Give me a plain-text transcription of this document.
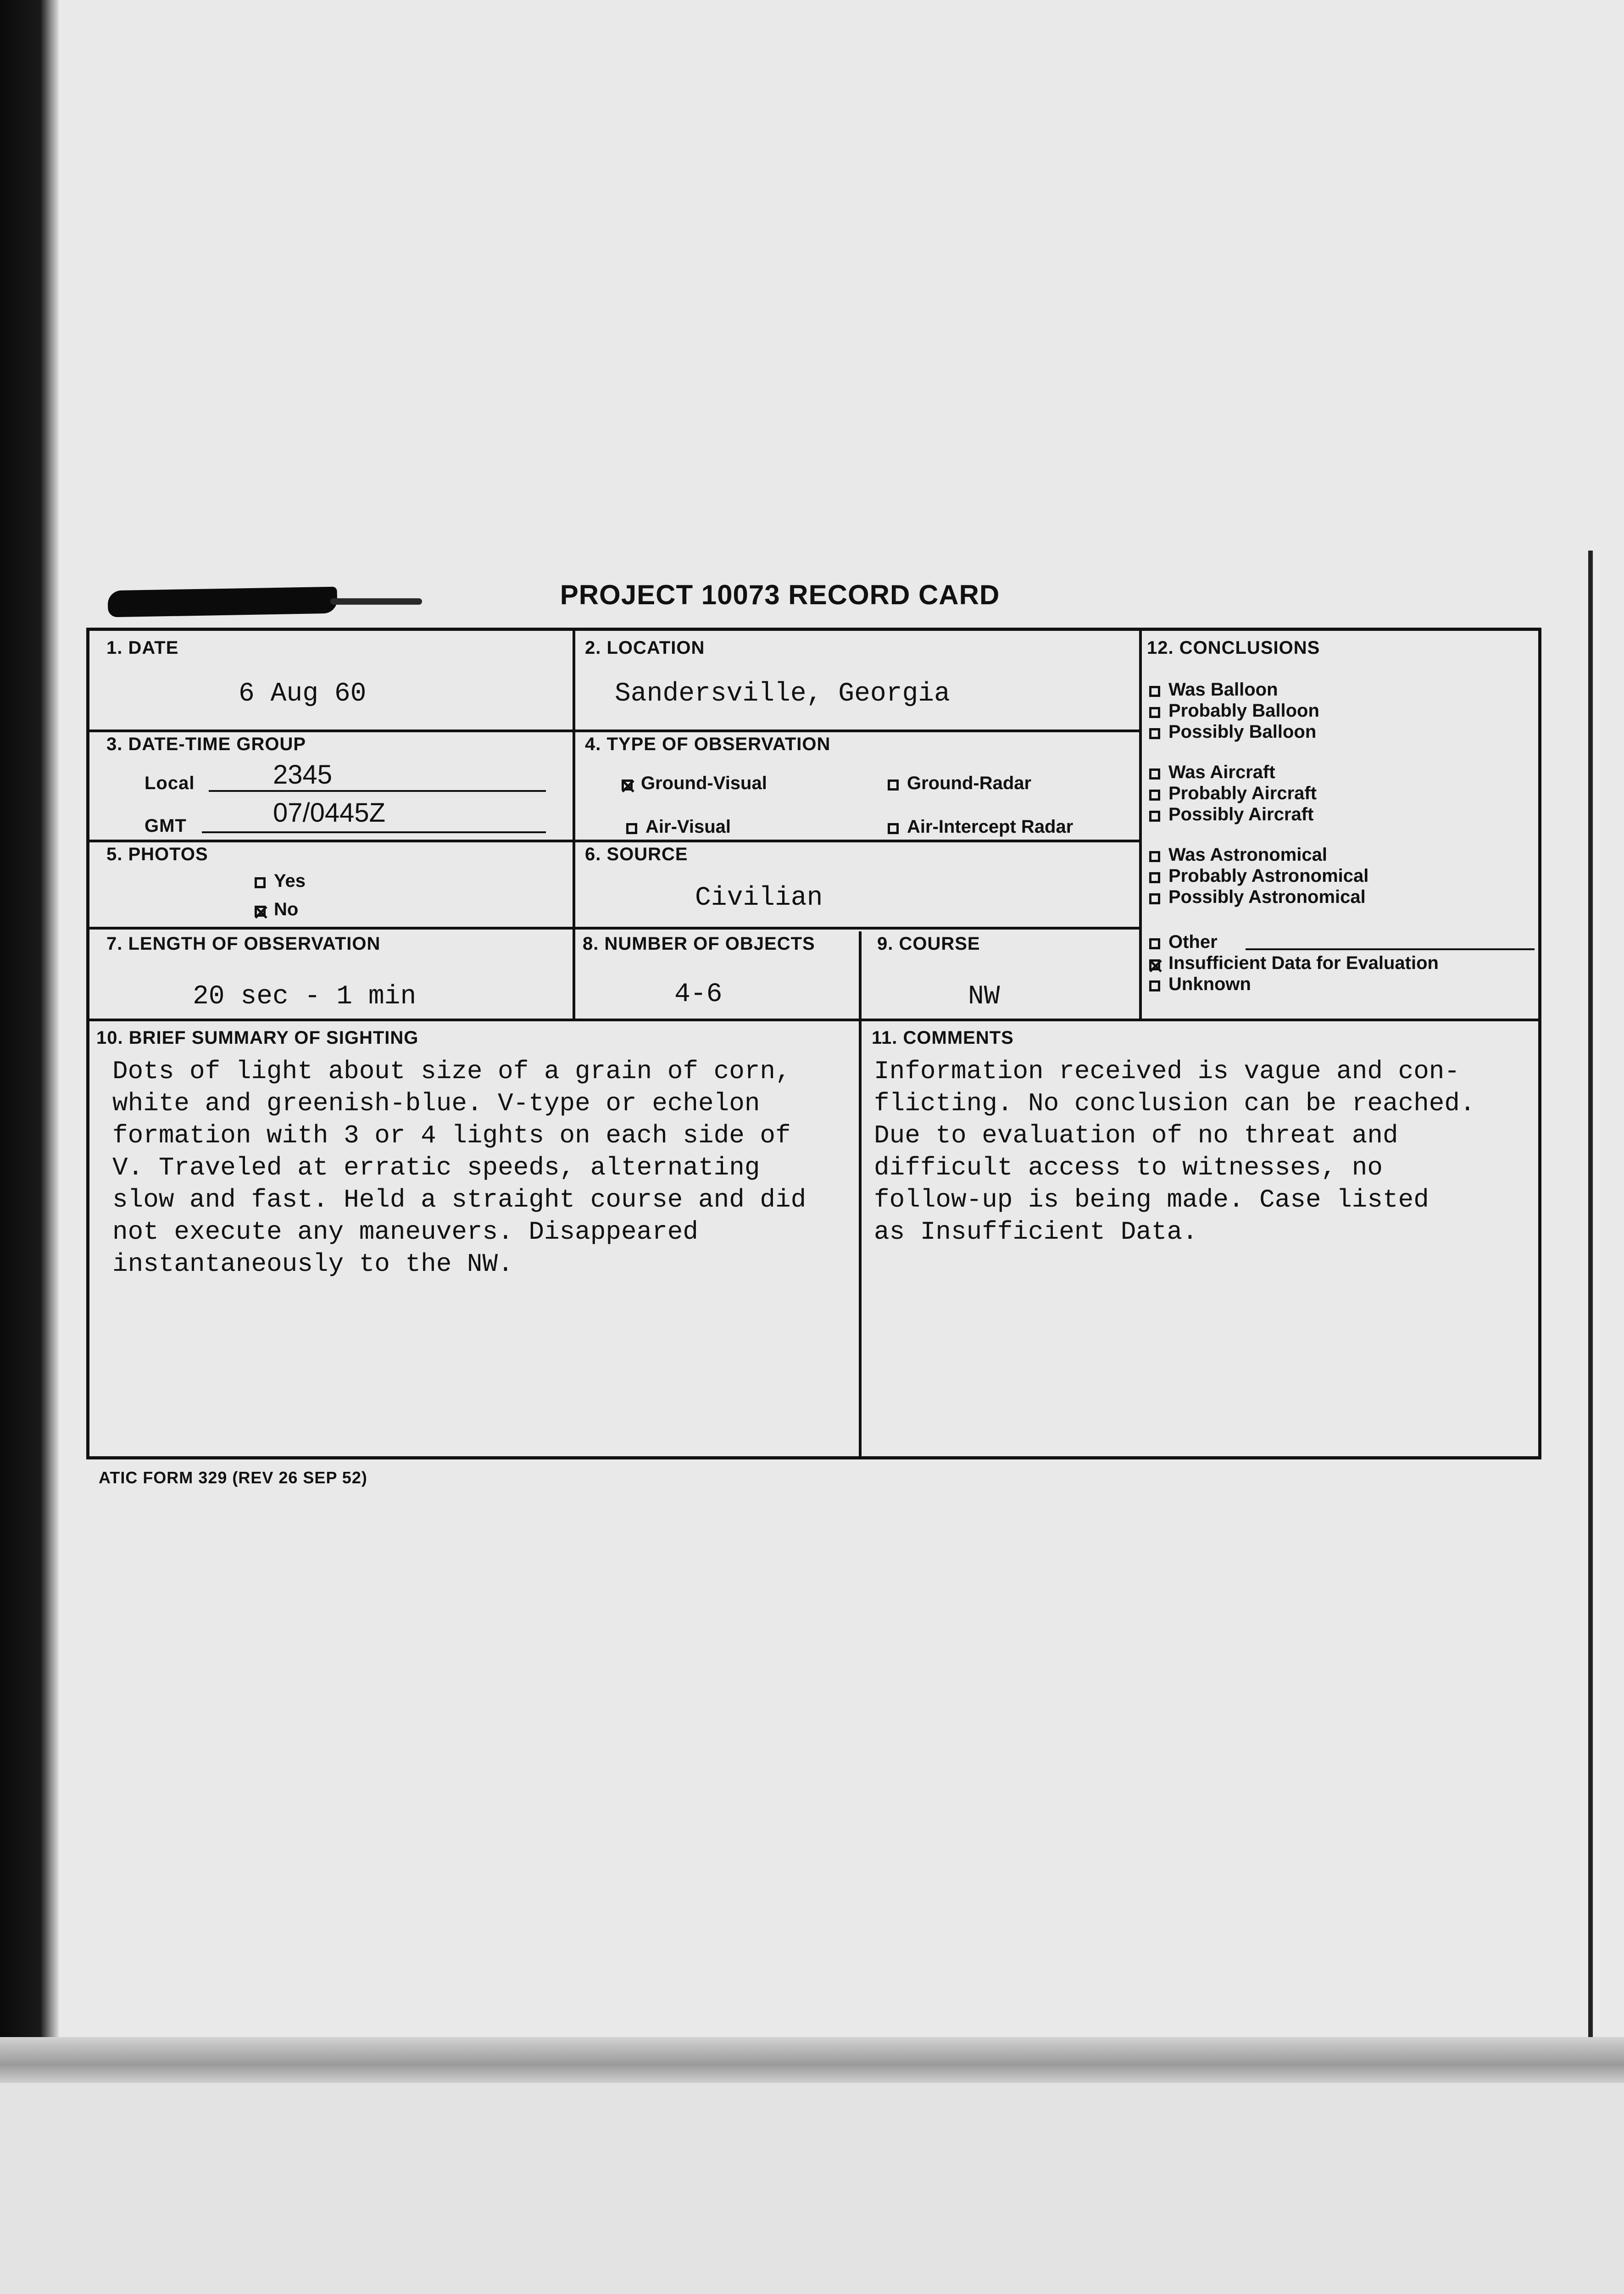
PROJECT 10073 RECORD CARD
1. DATE
6 Aug 60
2. LOCATION
Sandersville, Georgia
3. DATE-TIME GROUP
Local	2345
GMT	07/0445Z
4. TYPE OF OBSERVATION
Ground-Visual	Ground-Radar
Air-Visual	Air-Intercept Radar
5. PHOTOS
Yes
No
6. SOURCE
Civilian
7. LENGTH OF OBSERVATION
20 sec - 1 min
8. NUMBER OF OBJECTS
4-6
9. COURSE
NW
10. BRIEF SUMMARY OF SIGHTING
Dots of light about size of a grain of corn,
white and greenish-blue. V-type or echelon
formation with 3 or 4 lights on each side of
V. Traveled at erratic speeds, alternating
slow and fast. Held a straight course and did
not execute any maneuvers. Disappeared
instantaneously to the NW.
11. COMMENTS
Information received is vague and con-
flicting. No conclusion can be reached.
Due to evaluation of no threat and
difficult access to witnesses, no
follow-up is being made. Case listed
as Insufficient Data.
12. CONCLUSIONS
Was Balloon
Probably Balloon
Possibly Balloon
Was Aircraft
Probably Aircraft
Possibly Aircraft
Was Astronomical
Probably Astronomical
Possibly Astronomical
Other
Insufficient Data for Evaluation
Unknown
ATIC FORM 329 (REV 26 SEP 52)
